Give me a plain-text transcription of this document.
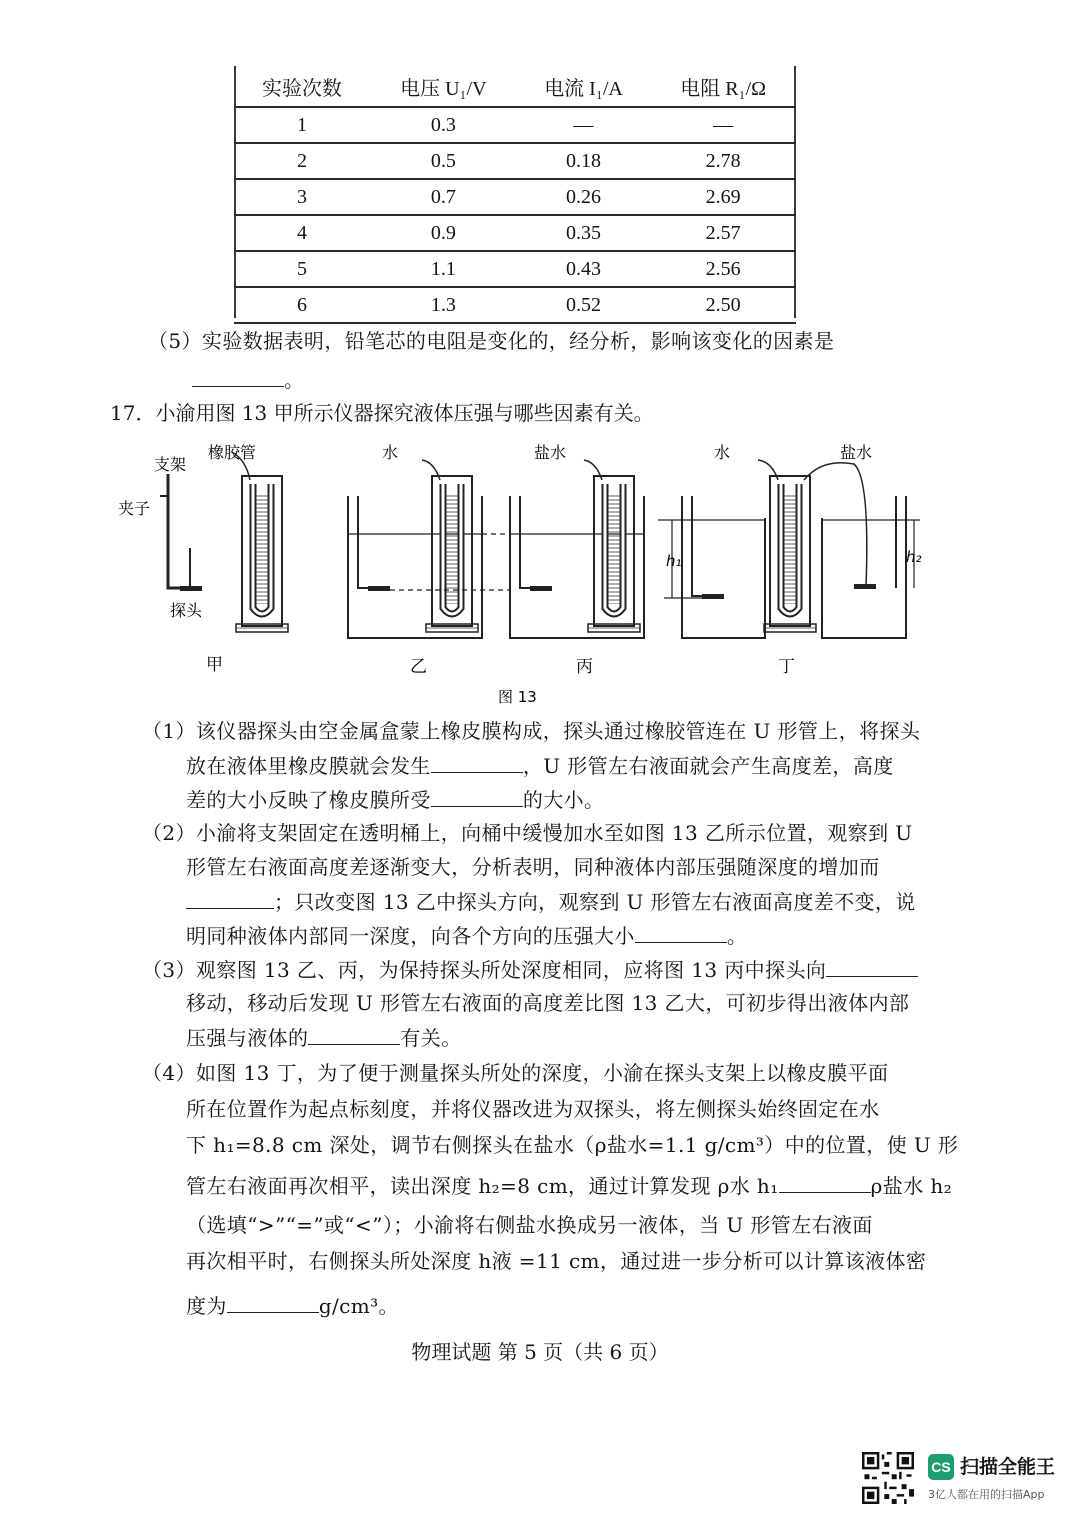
实验次数	电压 U₁/V	电流 I₁/A	电阻 R₁/Ω
1	0.3	—	—
2	0.5	0.18	2.78
3	0.7	0.26	2.69
4	0.9	0.35	2.57
5	1.1	0.43	2.56
6	1.3	0.52	2.50
（5）实验数据表明，铅笔芯的电阻是变化的，经分析，影响该变化的因素是
。
17．小渝用图 13 甲所示仪器探究液体压强与哪些因素有关。
支架
橡胶管
夹子
探头
水	盐水
h₁	h₂
水	盐水
甲	乙	丙	丁
图 13
（1）该仪器探头由空金属盒蒙上橡皮膜构成，探头通过橡胶管连在 U 形管上，将探头
放在液体里橡皮膜就会发生	，U 形管左右液面就会产生高度差，高度
差的大小反映了橡皮膜所受	的大小。
（2）小渝将支架固定在透明桶上，向桶中缓慢加水至如图 13 乙所示位置，观察到 U
形管左右液面高度差逐渐变大，分析表明，同种液体内部压强随深度的增加而
；只改变图 13 乙中探头方向，观察到 U 形管左右液面高度差不变，说
明同种液体内部同一深度，向各个方向的压强大小	。
（3）观察图 13 乙、丙，为保持探头所处深度相同，应将图 13 丙中探头向
移动，移动后发现 U 形管左右液面的高度差比图 13 乙大，可初步得出液体内部
压强与液体的	有关。
（4）如图 13 丁，为了便于测量探头所处的深度，小渝在探头支架上以橡皮膜平面
所在位置作为起点标刻度，并将仪器改进为双探头，将左侧探头始终固定在水
下 h₁=8.8 cm 深处，调节右侧探头在盐水（ρ盐水=1.1 g/cm³）中的位置，使 U 形
管左右液面再次相平，读出深度 h₂=8 cm，通过计算发现 ρ水 h₁	ρ盐水 h₂
（选填“>”“=”或“<”）；小渝将右侧盐水换成另一液体，当 U 形管左右液面
再次相平时，右侧探头所处深度 h液 =11 cm，通过进一步分析可以计算该液体密
度为	g/cm³。
物理试题 第 5 页（共 6 页）
CS 扫描全能王
3亿人都在用的扫描App
